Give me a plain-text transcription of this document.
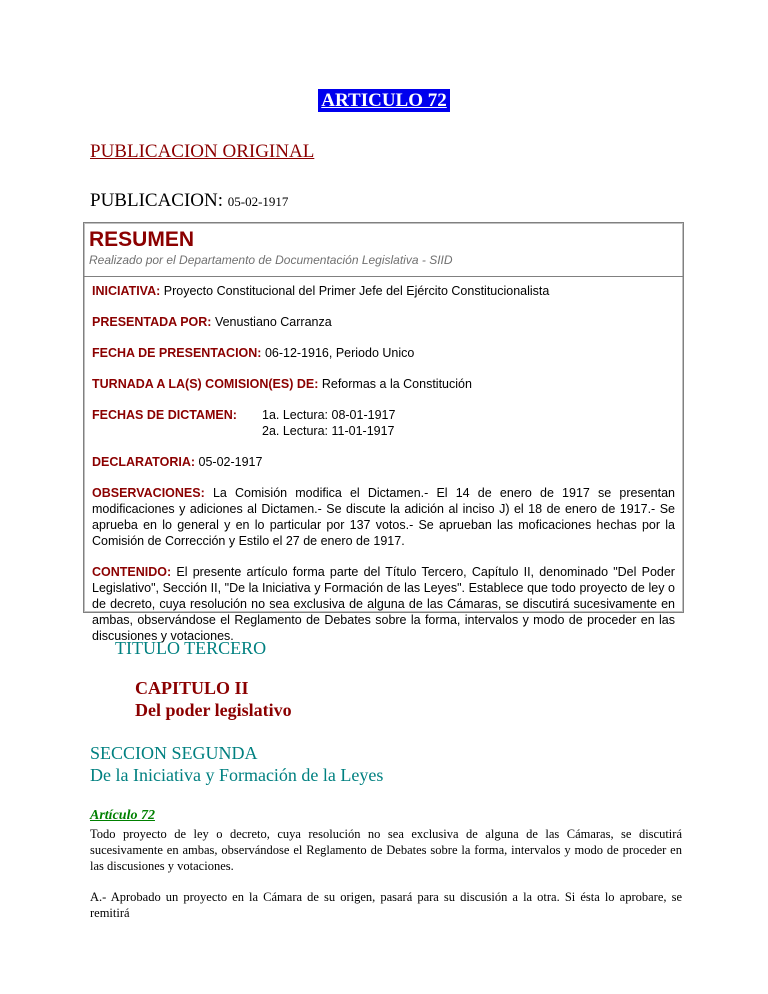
ARTICULO 72
PUBLICACION ORIGINAL
PUBLICACION: 05-02-1917
RESUMEN
Realizado por el Departamento de Documentación Legislativa - SIID
INICIATIVA: Proyecto Constitucional del Primer Jefe del Ejército Constitucionalista
PRESENTADA POR: Venustiano Carranza
FECHA DE PRESENTACION: 06-12-1916, Periodo Unico
TURNADA A LA(S) COMISION(ES) DE: Reformas a la Constitución
FECHAS DE DICTAMEN:	1a. Lectura: 08-01-1917
2a. Lectura: 11-01-1917
DECLARATORIA: 05-02-1917
OBSERVACIONES: La Comisión modifica el Dictamen.- El 14 de enero de 1917 se presentan modificaciones y adiciones al Dictamen.- Se discute la adición al inciso J) el 18 de enero de 1917.- Se aprueba en lo general y en lo particular por 137 votos.- Se aprueban las moficaciones hechas por la Comisión de Corrección y Estilo el 27 de enero de 1917.
CONTENIDO: El presente artículo forma parte del Título Tercero, Capítulo II, denominado "Del Poder Legislativo", Sección II, "De la Iniciativa y Formación de las Leyes". Establece que todo proyecto de ley o de decreto, cuya resolución no sea exclusiva de alguna de las Cámaras, se discutirá sucesivamente en ambas, observándose el Reglamento de Debates sobre la forma, intervalos y modo de proceder en las discusiones y votaciones.
TITULO TERCERO
CAPITULO II
Del poder legislativo
SECCION SEGUNDA
De la Iniciativa y Formación de la Leyes
Artículo 72

Todo proyecto de ley o decreto, cuya resolución no sea exclusiva de alguna de las Cámaras, se discutirá sucesivamente en ambas, observándose el Reglamento de Debates sobre la forma, intervalos y modo de proceder en las discusiones y votaciones.

A.- Aprobado un proyecto en la Cámara de su origen, pasará para su discusión a la otra. Si ésta lo aprobare, se remitirá
